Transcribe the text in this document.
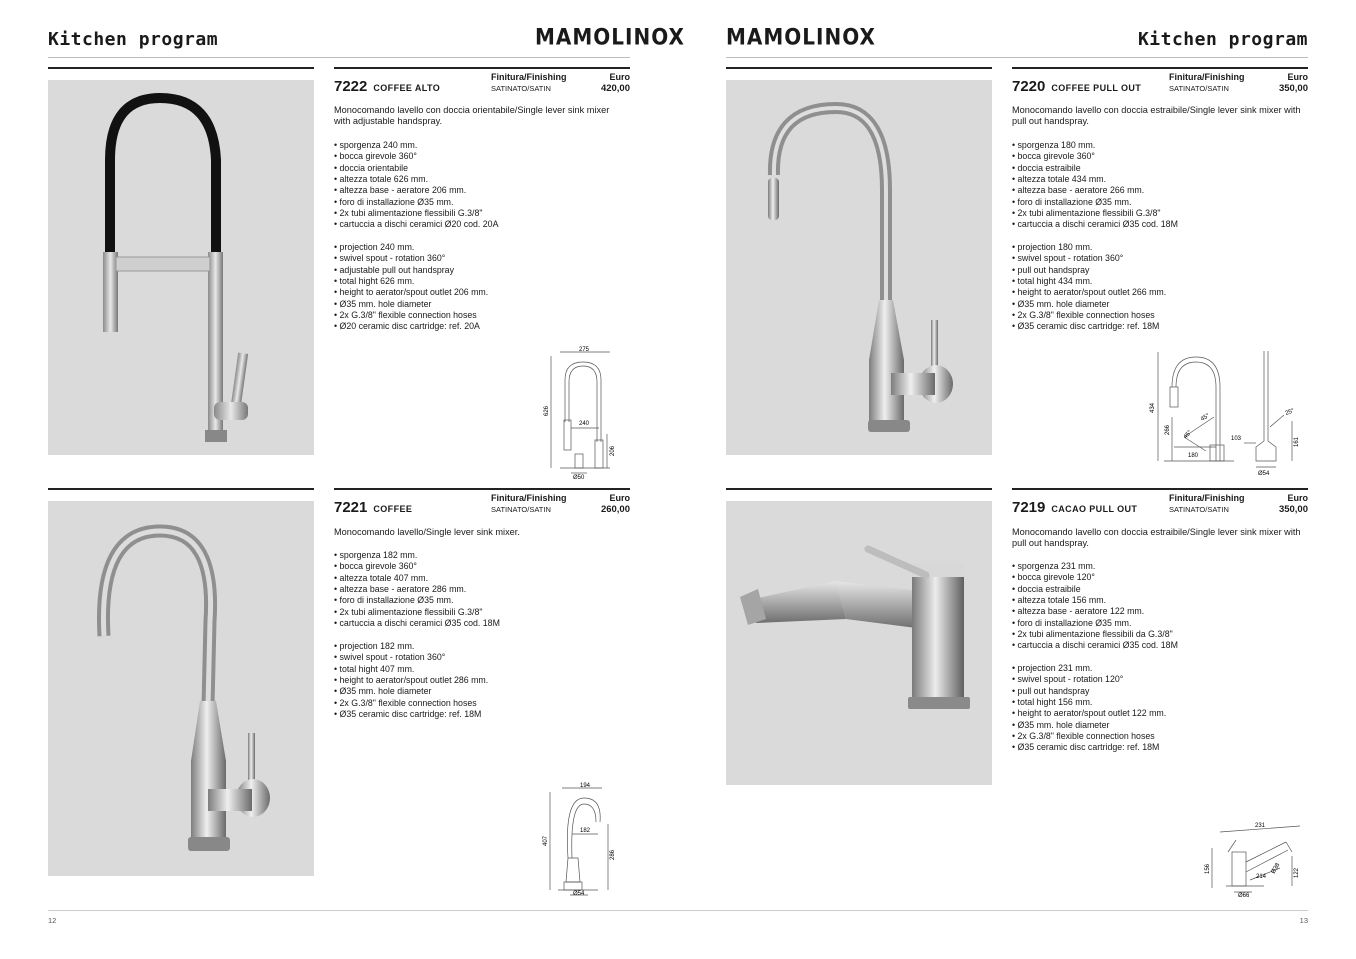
Kitchen program	MAMOLINOX MAMOLINOX	Kitchen program
7222 COFFEE ALTO
Finitura/Finishing
SATINATO/SATIN
Euro
420,00
Monocomando lavello con doccia orientabile/Single lever sink mixer with adjustable handspray.
• sporgenza 240 mm.
• bocca girevole 360°
• doccia orientabile
• altezza totale 626 mm.
• altezza base - aeratore 206 mm.
• foro di installazione Ø35 mm.
• 2x tubi alimentazione flessibili G.3/8"
• cartuccia a dischi ceramici Ø20 cod. 20A
• projection 240 mm.
• swivel spout - rotation 360°
• adjustable pull out handspray
• total hight 626 mm.
• height to aerator/spout outlet 206 mm.
• Ø35 mm. hole diameter
• 2x G.3/8" flexible connection hoses
• Ø20 ceramic disc cartridge: ref. 20A
275
626
240
206
Ø50
7221 COFFEE
Finitura/Finishing
SATINATO/SATIN
Euro
260,00
Monocomando lavello/Single lever sink mixer.
• sporgenza 182 mm.
• bocca girevole 360°
• altezza totale 407 mm.
• altezza base - aeratore 286 mm.
• foro di installazione Ø35 mm.
• 2x tubi alimentazione flessibili G.3/8"
• cartuccia a dischi ceramici Ø35 cod. 18M
• projection 182 mm.
• swivel spout - rotation 360°
• total hight 407 mm.
• height to aerator/spout outlet 286 mm.
• Ø35 mm. hole diameter
• 2x G.3/8" flexible connection hoses
• Ø35 ceramic disc cartridge: ref. 18M
194
407
182
286
Ø54
7220 COFFEE PULL OUT
Finitura/Finishing
SATINATO/SATIN
Euro
350,00
Monocomando lavello con doccia estraibile/Single lever sink mixer with pull out handspray.
• sporgenza 180 mm.
• bocca girevole 360°
• doccia estraibile
• altezza totale 434 mm.
• altezza base - aeratore 266 mm.
• foro di installazione Ø35 mm.
• 2x tubi alimentazione flessibili G.3/8"
• cartuccia a dischi ceramici Ø35 cod. 18M
• projection 180 mm.
• swivel spout - rotation 360°
• pull out handspray
• total hight 434 mm.
• height to aerator/spout outlet 266 mm.
• Ø35 mm. hole diameter
• 2x G.3/8" flexible connection hoses
• Ø35 ceramic disc cartridge: ref. 18M
434
266
180
45°
45°	103	161
25°
Ø54
7219 CACAO PULL OUT
Finitura/Finishing
SATINATO/SATIN
Euro
350,00
Monocomando lavello con doccia estraibile/Single lever sink mixer with pull out handspray.
• sporgenza 231 mm.
• bocca girevole 120°
• doccia estraibile
• altezza totale 156 mm.
• altezza base - aeratore 122 mm.
• foro di installazione Ø35 mm.
• 2x tubi alimentazione flessibili da G.3/8"
• cartuccia a dischi ceramici Ø35 cod. 18M
• projection 231 mm.
• swivel spout - rotation 120°
• pull out handspray
• total hight 156 mm.
• height to aerator/spout outlet 122 mm.
• Ø35 mm. hole diameter
• 2x G.3/8" flexible connection hoses
• Ø35 ceramic disc cartridge: ref. 18M
231
156	122
214
Ø38
Ø66
12	13
